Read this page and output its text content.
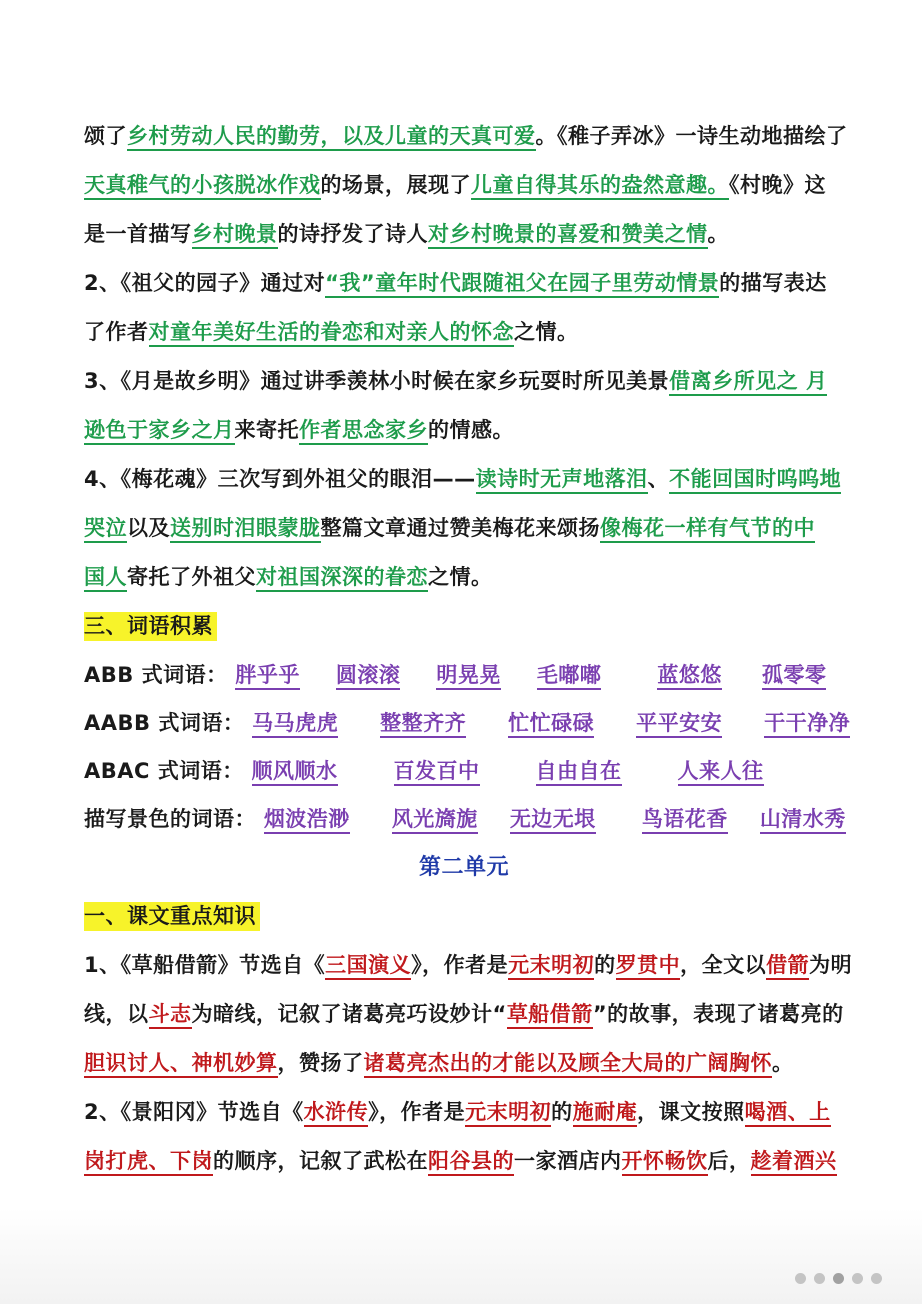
颂了乡村劳动人民的勤劳，以及儿童的天真可爱。《稚子弄冰》一诗生动地描绘了
天真稚气的小孩脱冰作戏的场景，展现了儿童自得其乐的盎然意趣。《村晚》这
是一首描写乡村晚景的诗抒发了诗人对乡村晚景的喜爱和赞美之情。
2、《祖父的园子》通过对“我”童年时代跟随祖父在园子里劳动情景的描写表达
了作者对童年美好生活的眷恋和对亲人的怀念之情。
3、《月是故乡明》通过讲季羡林小时候在家乡玩耍时所见美景借离乡所见之 月
逊色于家乡之月来寄托作者思念家乡的情感。
4、《梅花魂》三次写到外祖父的眼泪——读诗时无声地落泪、不能回国时呜呜地
哭泣以及送别时泪眼蒙胧整篇文章通过赞美梅花来颂扬像梅花一样有气节的中
国人寄托了外祖父对祖国深深的眷恋之情。
三、词语积累
ABB 式词语： 胖乎乎 圆滚滚 明晃晃 毛嘟嘟	蓝悠悠 孤零零
AABB 式词语： 马马虎虎 整整齐齐 忙忙碌碌 平平安安 干干净净
ABAC 式词语： 顺风顺水	百发百中	自由自在	人来人往
描写景色的词语： 烟波浩渺 风光旖旎 无边无垠 鸟语花香 山清水秀
第二单元
一、课文重点知识
1、《草船借箭》节选自《三国演义》，作者是元末明初的罗贯中，全文以借箭为明
线，以斗志为暗线，记叙了诸葛亮巧设妙计“草船借箭”的故事，表现了诸葛亮的
胆识讨人、神机妙算，赞扬了诸葛亮杰出的才能以及顾全大局的广阔胸怀。
2、《景阳冈》节选自《水浒传》，作者是元末明初的施耐庵，课文按照喝酒、上
岗打虎、下岗的顺序，记叙了武松在阳谷县的一家酒店内开怀畅饮后，趁着酒兴
